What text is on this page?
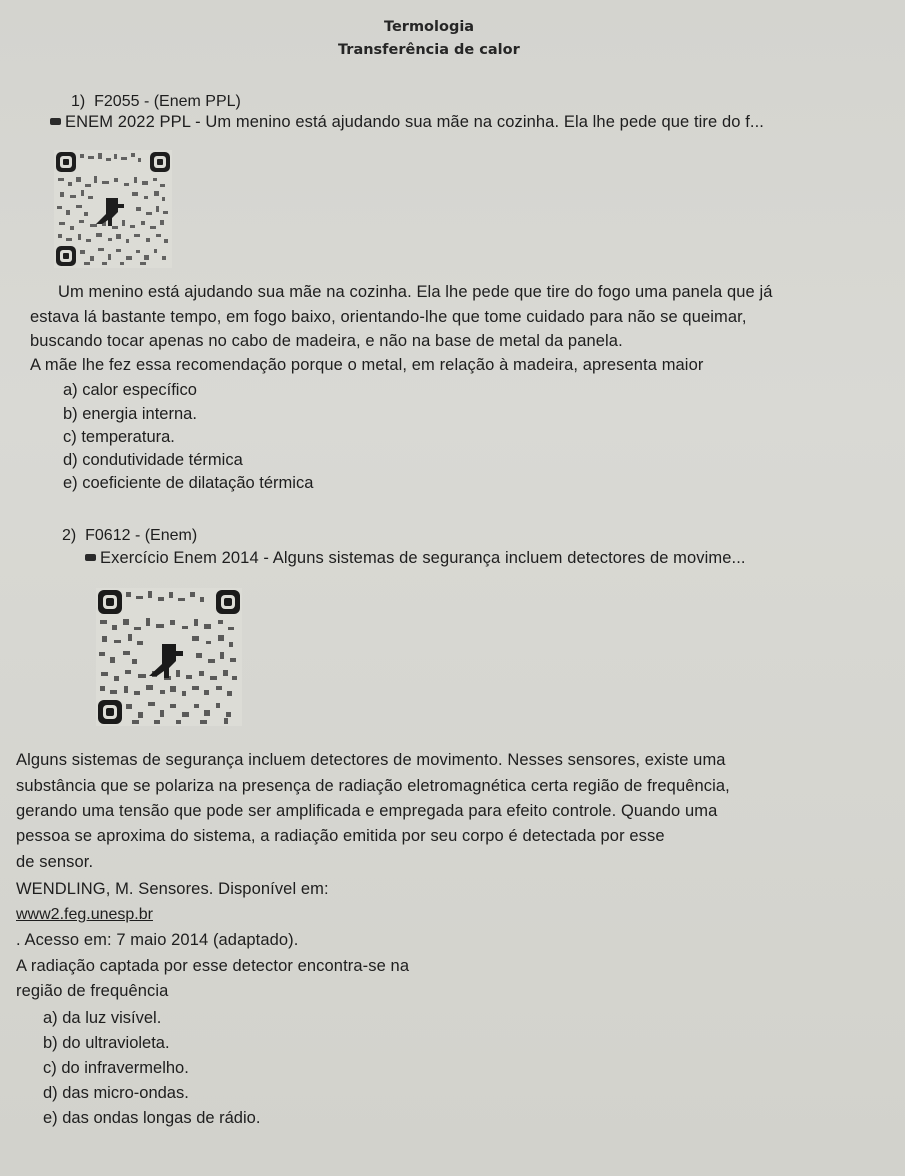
Termologia
Transferência de calor
1) F2055 - (Enem PPL)
ENEM 2022 PPL - Um menino está ajudando sua mãe na cozinha. Ela lhe pede que tire do f...
Um menino está ajudando sua mãe na cozinha. Ela lhe pede que tire do fogo uma panela que já
estava lá bastante tempo, em fogo baixo, orientando-lhe que tome cuidado para não se queimar,
buscando tocar apenas no cabo de madeira, e não na base de metal da panela.
A mãe lhe fez essa recomendação porque o metal, em relação à madeira, apresenta maior
a) calor específico
b) energia interna.
c) temperatura.
d) condutividade térmica
e) coeficiente de dilatação térmica
2) F0612 - (Enem)
Exercício Enem 2014 - Alguns sistemas de segurança incluem detectores de movime...
Alguns sistemas de segurança incluem detectores de movimento. Nesses sensores, existe uma
substância que se polariza na presença de radiação eletromagnética certa região de frequência,
gerando uma tensão que pode ser amplificada e empregada para efeito controle. Quando uma
pessoa se aproxima do sistema, a radiação emitida por seu corpo é detectada por esse
de sensor.
WENDLING, M. Sensores. Disponível em:
www2.feg.unesp.br
. Acesso em: 7 maio 2014 (adaptado).
A radiação captada por esse detector encontra-se na
região de frequência
a) da luz visível.
b) do ultravioleta.
c) do infravermelho.
d) das micro-ondas.
e) das ondas longas de rádio.
